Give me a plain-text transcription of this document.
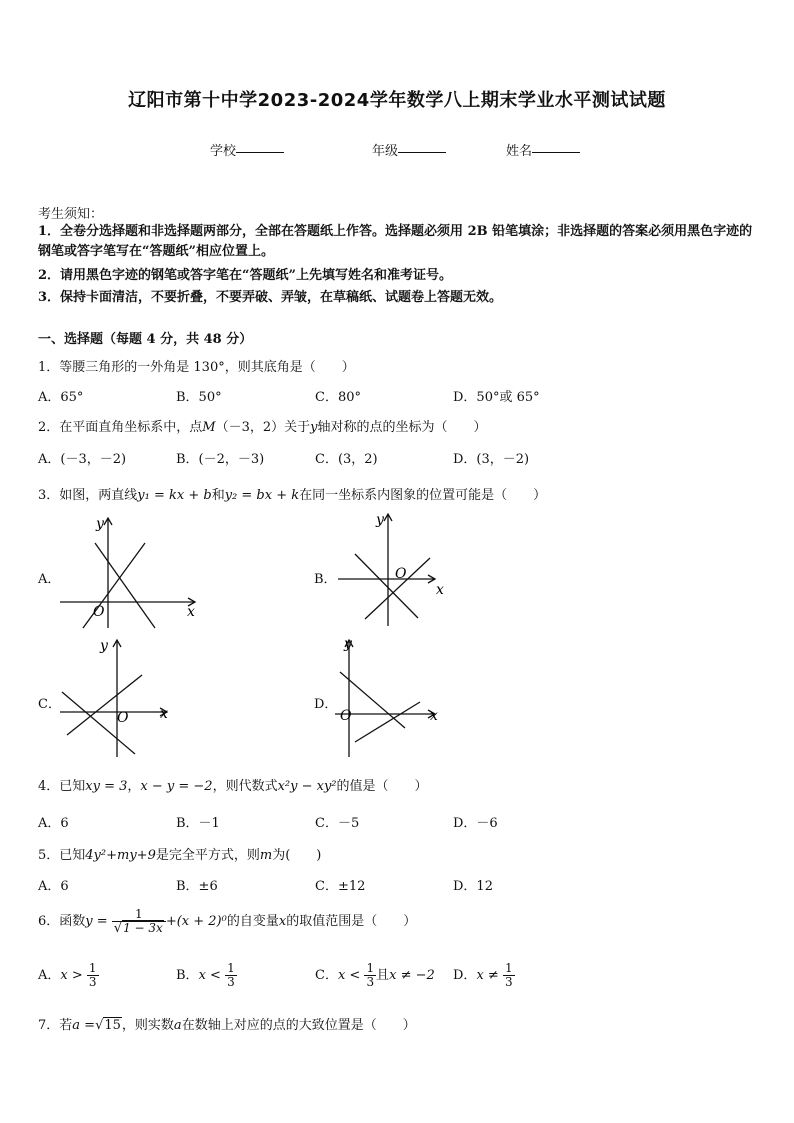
辽阳市第十中学2023-2024学年数学八上期末学业水平测试试题
学校	年级	姓名
考生须知：
1．全卷分选择题和非选择题两部分，全部在答题纸上作答。选择题必须用 2B 铅笔填涂；非选择题的答案必须用黑色字迹的钢笔或答字笔写在“答题纸”相应位置上。
2．请用黑色字迹的钢笔或答字笔在“答题纸”上先填写姓名和准考证号。
3．保持卡面清洁，不要折叠，不要弄破、弄皱，在草稿纸、试题卷上答题无效。
一、选择题（每题 4 分，共 48 分）
1．等腰三角形的一外角是 130°，则其底角是（　　）
A．65°	B．50°	C．80°	D．50°或 65°
2．在平面直角坐标系中，点M（－3，2）关于y轴对称的点的坐标为（　　）
A．(－3，－2)	B．(－2，－3)	C．(3，2)	D．(3，－2)
3．如图，两直线y₁ = kx + b和y₂ = bx + k在同一坐标系内图象的位置可能是（　　）
A．
x
y
O
B．
x
y
O
C．
x
y
O
D．
x
y
O
4．已知xy = 3，x − y = −2，则代数式x²y − xy²的值是（　　）
A．6	B．－1	C．－5	D．－6
5．已知4y²+my+9是完全平方式，则m为(　　)
A．6	B．±6	C．±12	D．12
6．函数$y = \frac{1}{√1 - 3x} +(x + 2)^0$的自变量x的取值范围是（　　）
A．$x > \frac{1}{3}$	B．$x < \frac{1}{3}$	C．$x < \frac{1}{3}$ 且x ≠ −2 D．$x \ne \frac{1}{3}$
7．若a =√15，则实数a在数轴上对应的点的大致位置是（　　）
